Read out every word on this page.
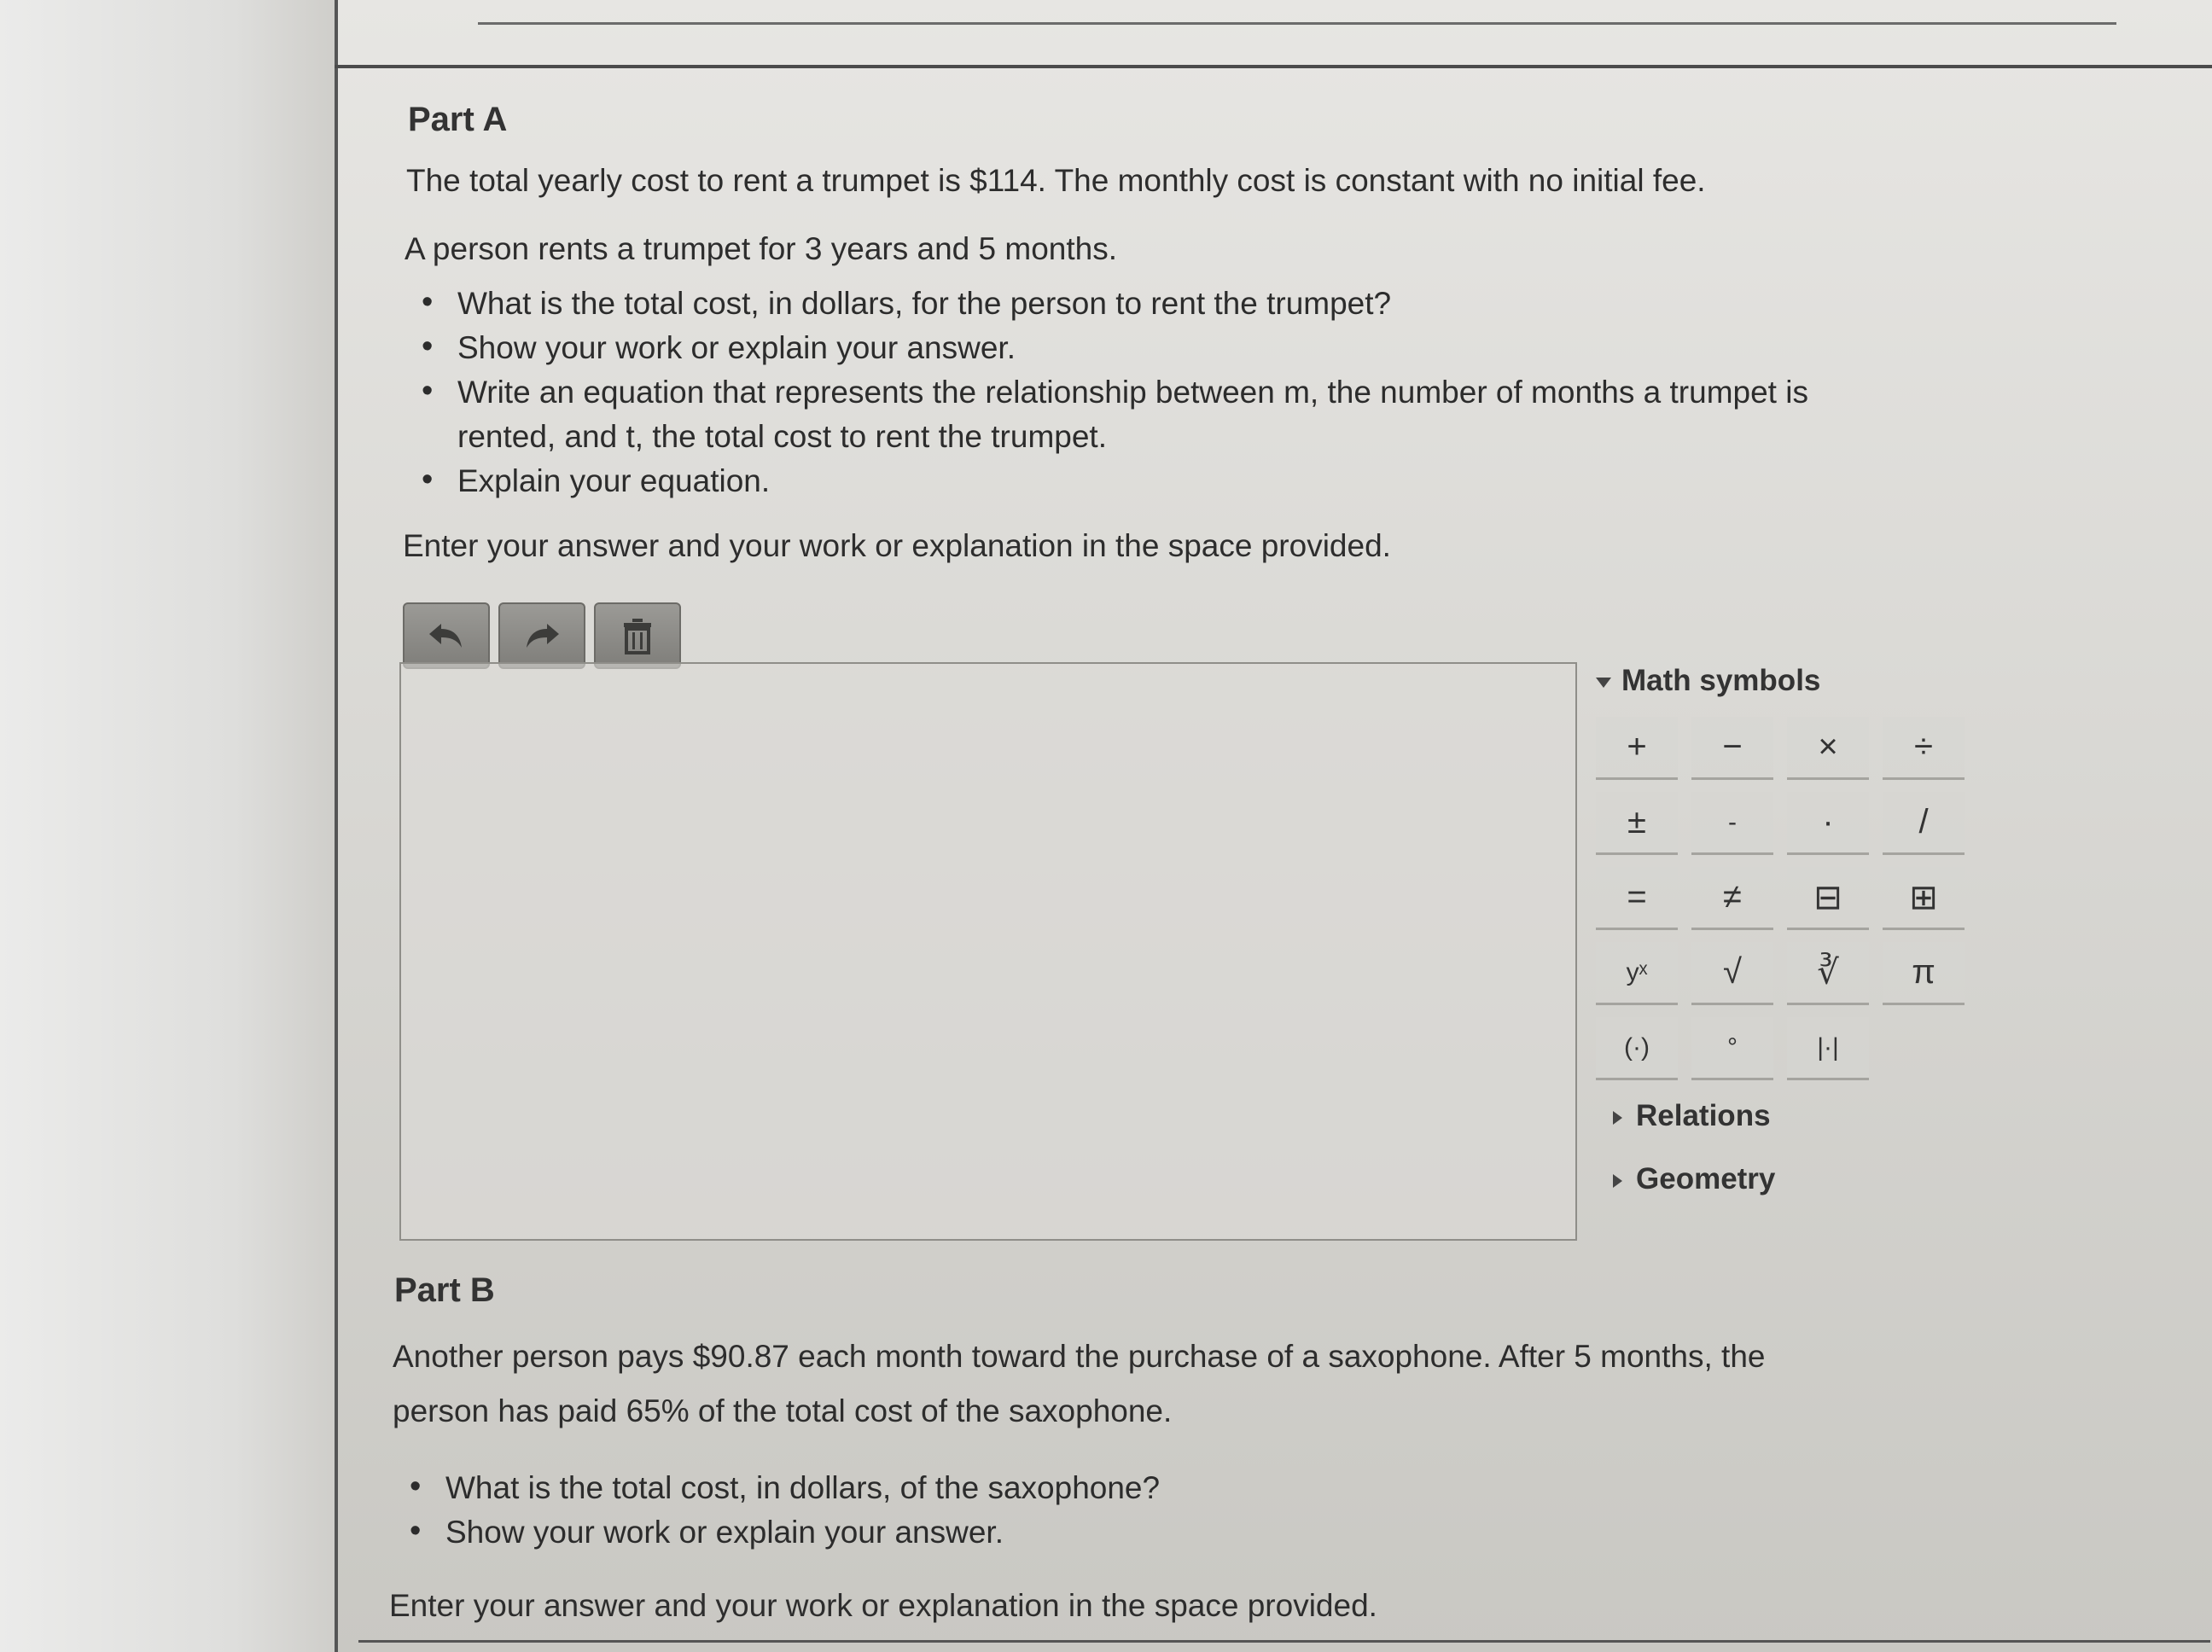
Part A
The total yearly cost to rent a trumpet is $114. The monthly cost is constant with no initial fee.
A person rents a trumpet for 3 years and 5 months.
• What is the total cost, in dollars, for the person to rent the trumpet?
• Show your work or explain your answer.
• Write an equation that represents the relationship between m, the number of months a trumpet is
rented, and t, the total cost to rent the trumpet.
• Explain your equation.
Enter your answer and your work or explanation in the space provided.
Math symbols
+	−	×	÷
±	‐	·	/
=	≠	⊟	⊞
yˣ	√	∛	π
(·)	°	|·|
Relations
Geometry
Part B
Another person pays $90.87 each month toward the purchase of a saxophone. After 5 months, the
person has paid 65% of the total cost of the saxophone.
• What is the total cost, in dollars, of the saxophone?
• Show your work or explain your answer.
Enter your answer and your work or explanation in the space provided.
